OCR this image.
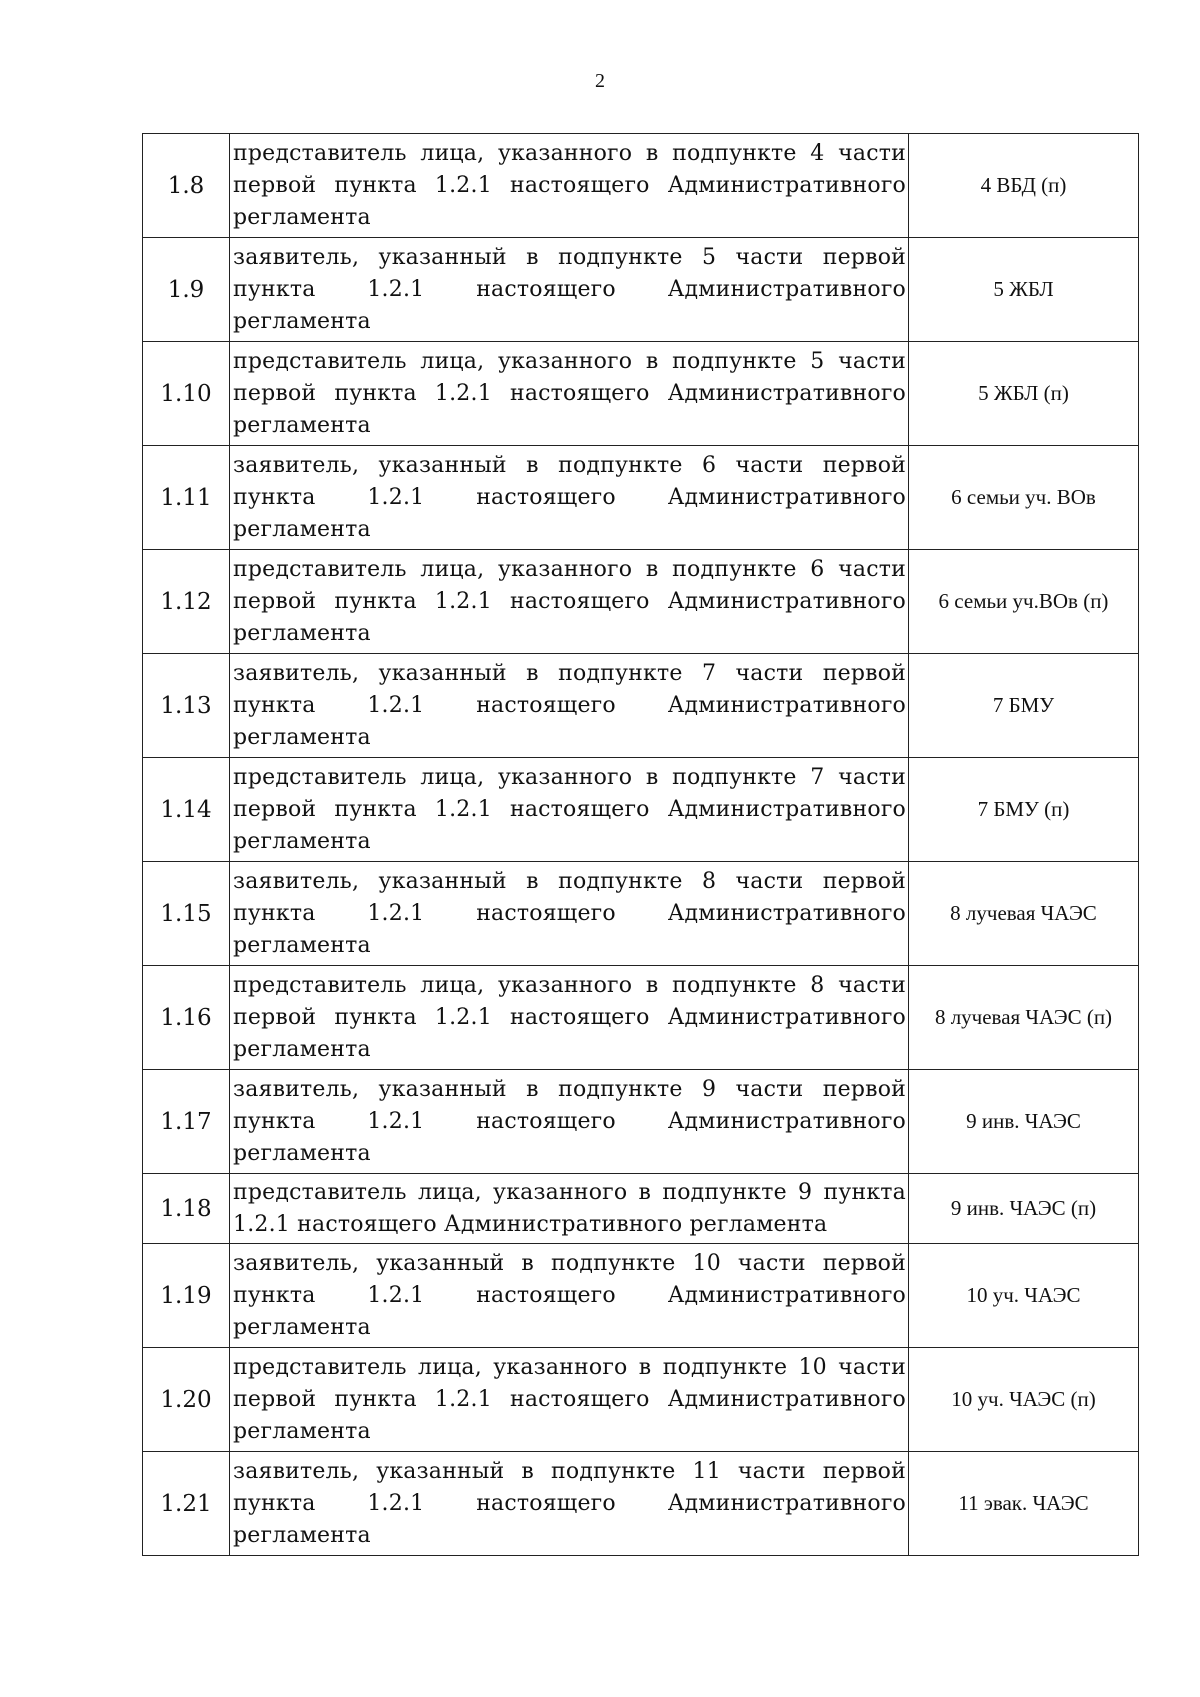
2
1.8	представитель лица, указанного в подпункте 4 части первой пункта 1.2.1 настоящего Административного регламента	4 ВБД (п)
1.9	заявитель, указанный в подпункте 5 части первой пункта 1.2.1 настоящего Административного регламента	5 ЖБЛ
1.10	представитель лица, указанного в подпункте 5 части первой пункта 1.2.1 настоящего Административного регламента	5 ЖБЛ (п)
1.11	заявитель, указанный в подпункте 6 части первой пункта 1.2.1 настоящего Административного регламента	6 семьи уч. ВОв
1.12	представитель лица, указанного в подпункте 6 части первой пункта 1.2.1 настоящего Административного регламента	6 семьи уч.ВОв (п)
1.13	заявитель, указанный в подпункте 7 части первой пункта 1.2.1 настоящего Административного регламента	7 БМУ
1.14	представитель лица, указанного в подпункте 7 части первой пункта 1.2.1 настоящего Административного регламента	7 БМУ (п)
1.15	заявитель, указанный в подпункте 8 части первой пункта 1.2.1 настоящего Административного регламента	8 лучевая ЧАЭС
1.16	представитель лица, указанного в подпункте 8 части первой пункта 1.2.1 настоящего Административного регламента	8 лучевая ЧАЭС (п)
1.17	заявитель, указанный в подпункте 9 части первой пункта 1.2.1 настоящего Административного регламента	9 инв. ЧАЭС
1.18	представитель лица, указанного в подпункте 9 пункта 1.2.1 настоящего Административного регламента	9 инв. ЧАЭС (п)
1.19	заявитель, указанный в подпункте 10 части первой пункта 1.2.1 настоящего Административного регламента	10 уч. ЧАЭС
1.20	представитель лица, указанного в подпункте 10 части первой пункта 1.2.1 настоящего Административного регламента	10 уч. ЧАЭС (п)
1.21	заявитель, указанный в подпункте 11 части первой пункта 1.2.1 настоящего Административного регламента	11 эвак. ЧАЭС
